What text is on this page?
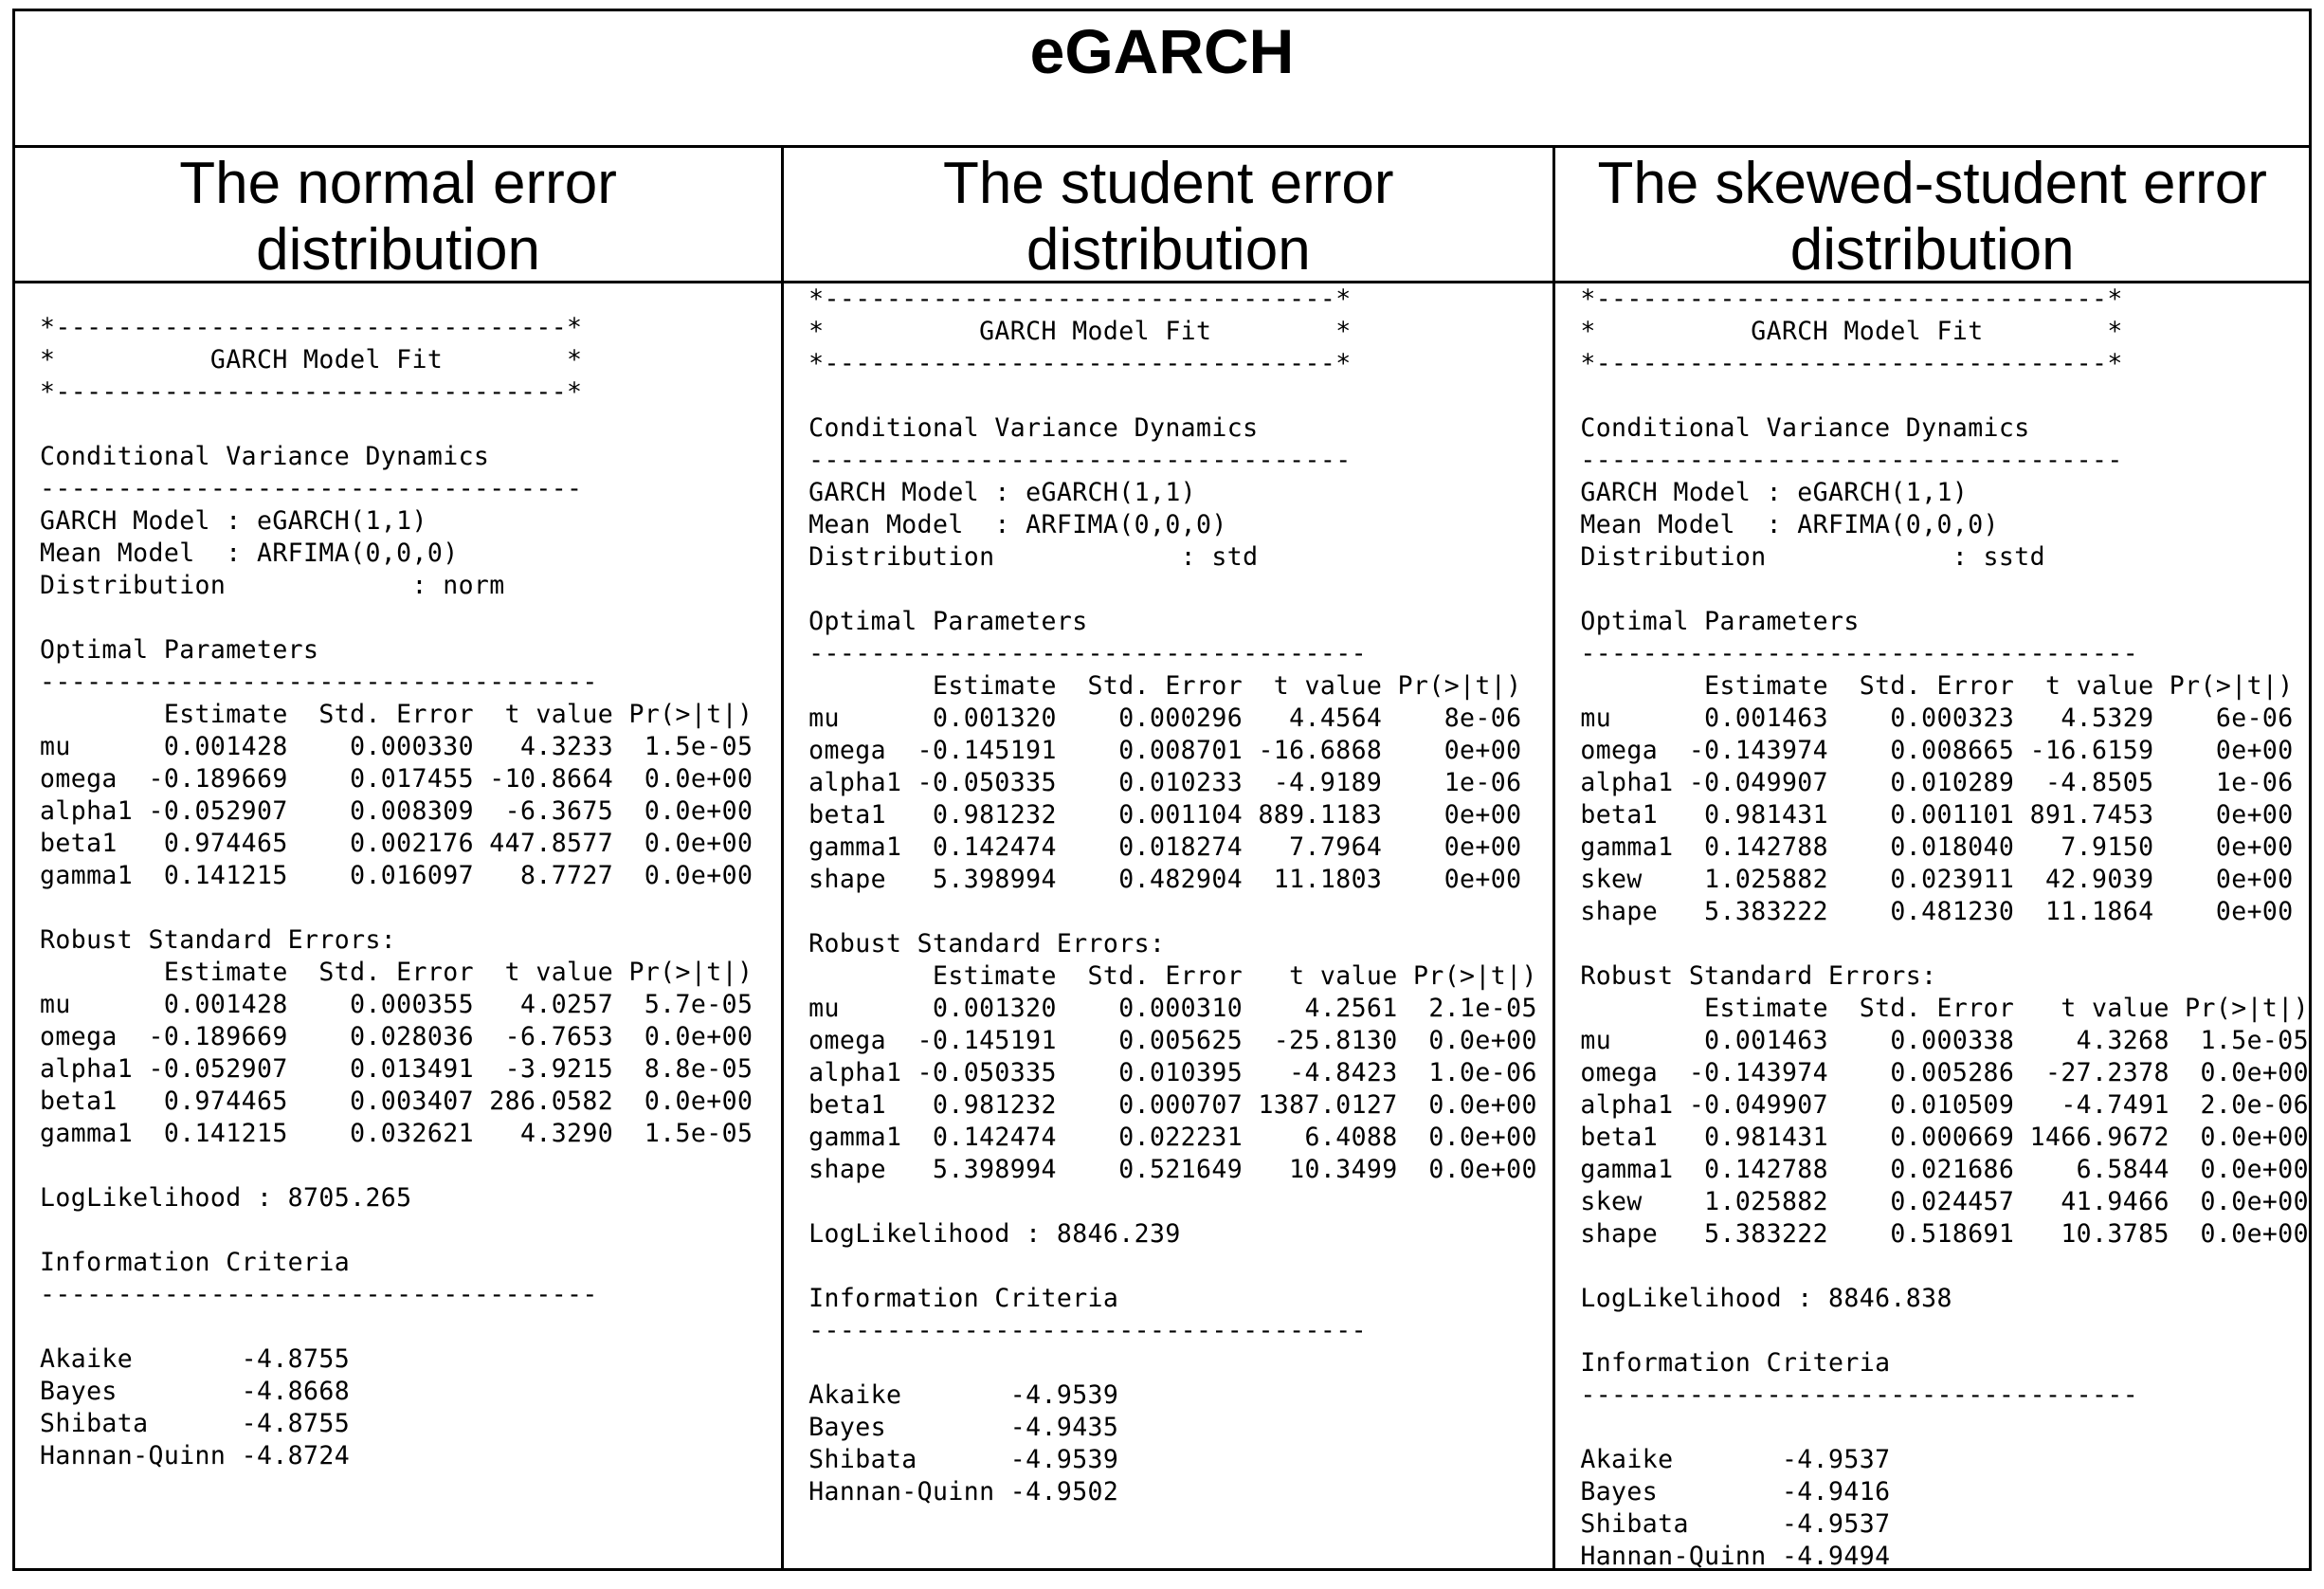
eGARCH
The normal error
distribution
*---------------------------------*
*          GARCH Model Fit        *
*---------------------------------*
Conditional Variance Dynamics
-----------------------------------
GARCH Model : eGARCH(1,1)
Mean Model  : ARFIMA(0,0,0)
Distribution            : norm
Optimal Parameters
------------------------------------
Estimate  Std. Error  t value Pr(>|t|)
mu      0.001428    0.000330   4.3233  1.5e-05
omega  -0.189669    0.017455 -10.8664  0.0e+00
alpha1 -0.052907    0.008309  -6.3675  0.0e+00
beta1   0.974465    0.002176 447.8577  0.0e+00
gamma1  0.141215    0.016097   8.7727  0.0e+00
Robust Standard Errors:
Estimate  Std. Error  t value Pr(>|t|)
mu      0.001428    0.000355   4.0257  5.7e-05
omega  -0.189669    0.028036  -6.7653  0.0e+00
alpha1 -0.052907    0.013491  -3.9215  8.8e-05
beta1   0.974465    0.003407 286.0582  0.0e+00
gamma1  0.141215    0.032621   4.3290  1.5e-05
LogLikelihood : 8705.265
Information Criteria
------------------------------------
Akaike       -4.8755
Bayes        -4.8668
Shibata      -4.8755
Hannan-Quinn -4.8724
The student error
distribution
*---------------------------------*
*          GARCH Model Fit        *
*---------------------------------*
Conditional Variance Dynamics
-----------------------------------
GARCH Model : eGARCH(1,1)
Mean Model  : ARFIMA(0,0,0)
Distribution            : std
Optimal Parameters
------------------------------------
Estimate  Std. Error  t value Pr(>|t|)
mu      0.001320    0.000296   4.4564    8e-06
omega  -0.145191    0.008701 -16.6868    0e+00
alpha1 -0.050335    0.010233  -4.9189    1e-06
beta1   0.981232    0.001104 889.1183    0e+00
gamma1  0.142474    0.018274   7.7964    0e+00
shape   5.398994    0.482904  11.1803    0e+00
Robust Standard Errors:
Estimate  Std. Error   t value Pr(>|t|)
mu      0.001320    0.000310    4.2561  2.1e-05
omega  -0.145191    0.005625  -25.8130  0.0e+00
alpha1 -0.050335    0.010395   -4.8423  1.0e-06
beta1   0.981232    0.000707 1387.0127  0.0e+00
gamma1  0.142474    0.022231    6.4088  0.0e+00
shape   5.398994    0.521649   10.3499  0.0e+00
LogLikelihood : 8846.239
Information Criteria
------------------------------------
Akaike       -4.9539
Bayes        -4.9435
Shibata      -4.9539
Hannan-Quinn -4.9502
The skewed-student error
distribution
*---------------------------------*
*          GARCH Model Fit        *
*---------------------------------*
Conditional Variance Dynamics
-----------------------------------
GARCH Model : eGARCH(1,1)
Mean Model  : ARFIMA(0,0,0)
Distribution            : sstd
Optimal Parameters
------------------------------------
Estimate  Std. Error  t value Pr(>|t|)
mu      0.001463    0.000323   4.5329    6e-06
omega  -0.143974    0.008665 -16.6159    0e+00
alpha1 -0.049907    0.010289  -4.8505    1e-06
beta1   0.981431    0.001101 891.7453    0e+00
gamma1  0.142788    0.018040   7.9150    0e+00
skew    1.025882    0.023911  42.9039    0e+00
shape   5.383222    0.481230  11.1864    0e+00
Robust Standard Errors:
Estimate  Std. Error   t value Pr(>|t|)
mu      0.001463    0.000338    4.3268  1.5e-05
omega  -0.143974    0.005286  -27.2378  0.0e+00
alpha1 -0.049907    0.010509   -4.7491  2.0e-06
beta1   0.981431    0.000669 1466.9672  0.0e+00
gamma1  0.142788    0.021686    6.5844  0.0e+00
skew    1.025882    0.024457   41.9466  0.0e+00
shape   5.383222    0.518691   10.3785  0.0e+00
LogLikelihood : 8846.838
Information Criteria
------------------------------------
Akaike       -4.9537
Bayes        -4.9416
Shibata      -4.9537
Hannan-Quinn -4.9494
